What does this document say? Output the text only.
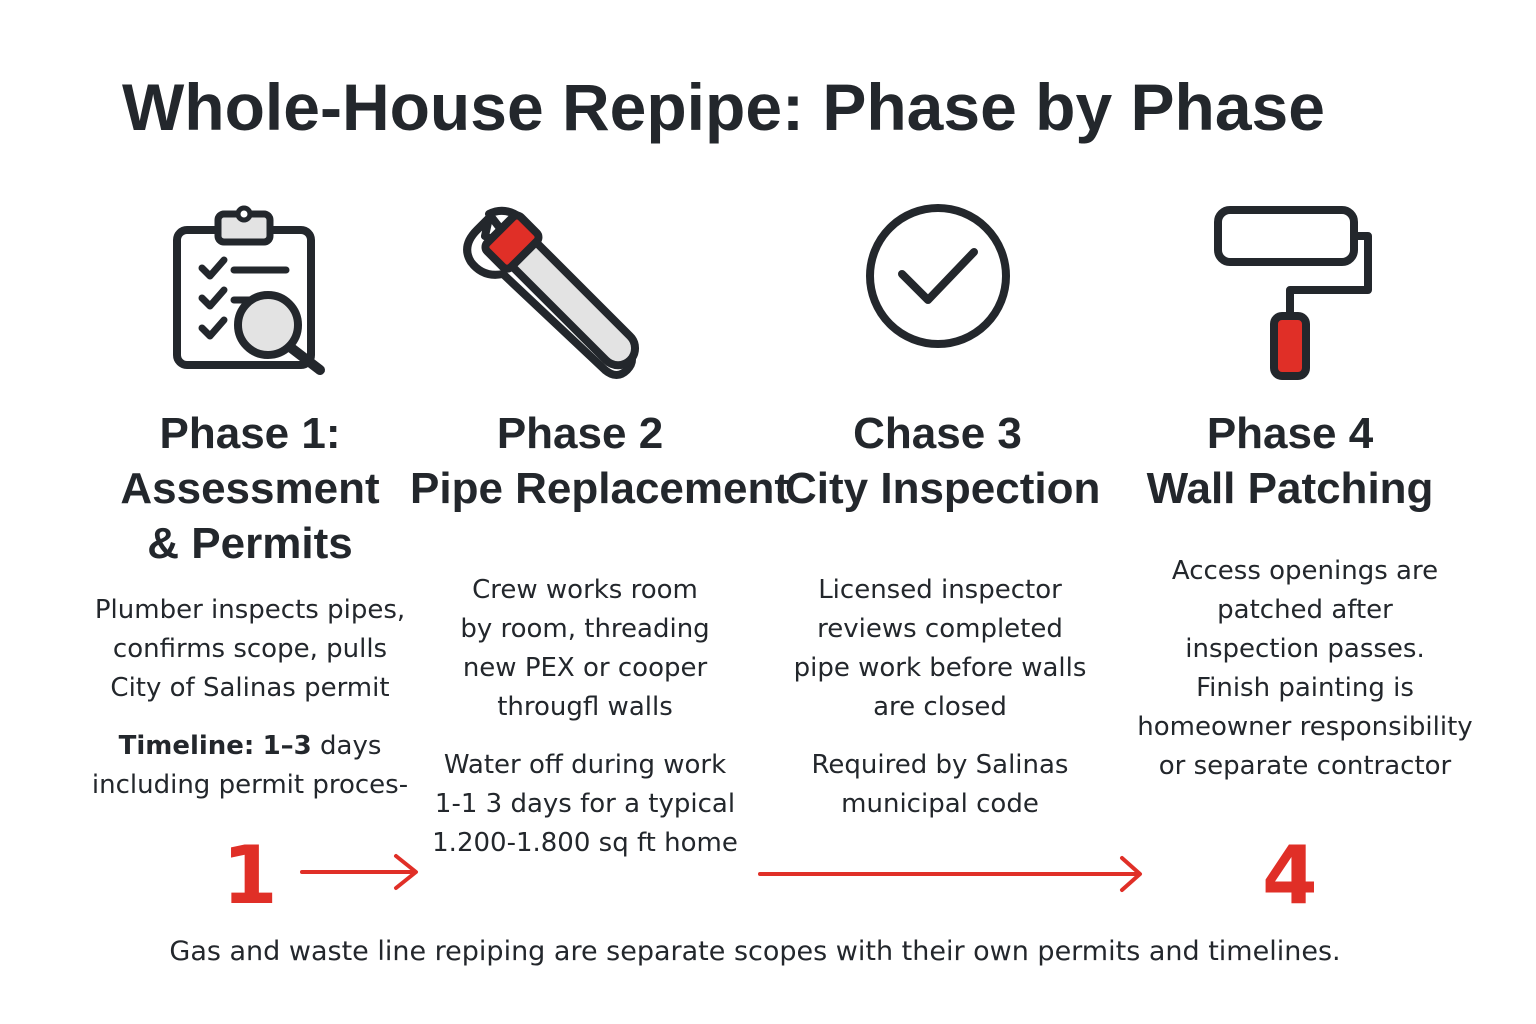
Whole-House Repipe: Phase by Phase
Phase 1:
Assessment
& Permits
Phase 2
Pipe Replacement
Chase 3
City Inspection
Phase 4
Wall Patching
Plumber inspects pipes,
confirms scope, pulls
City of Salinas permit
Timeline: 1–3 days
including permit proces-
Crew works room
by room, threading
new PEX or cooper
througfl walls
Water off during work
1-1 3 days for a typical
1.200-1.800 sq ft home
Licensed inspector
reviews completed
pipe work before walls
are closed
Required by Salinas
municipal code
Access openings are
patched after
inspection passes.
Finish painting is
homeowner responsibility
or separate contractor
1	4

Gas and waste line repiping are separate scopes with their own permits and timelines.
